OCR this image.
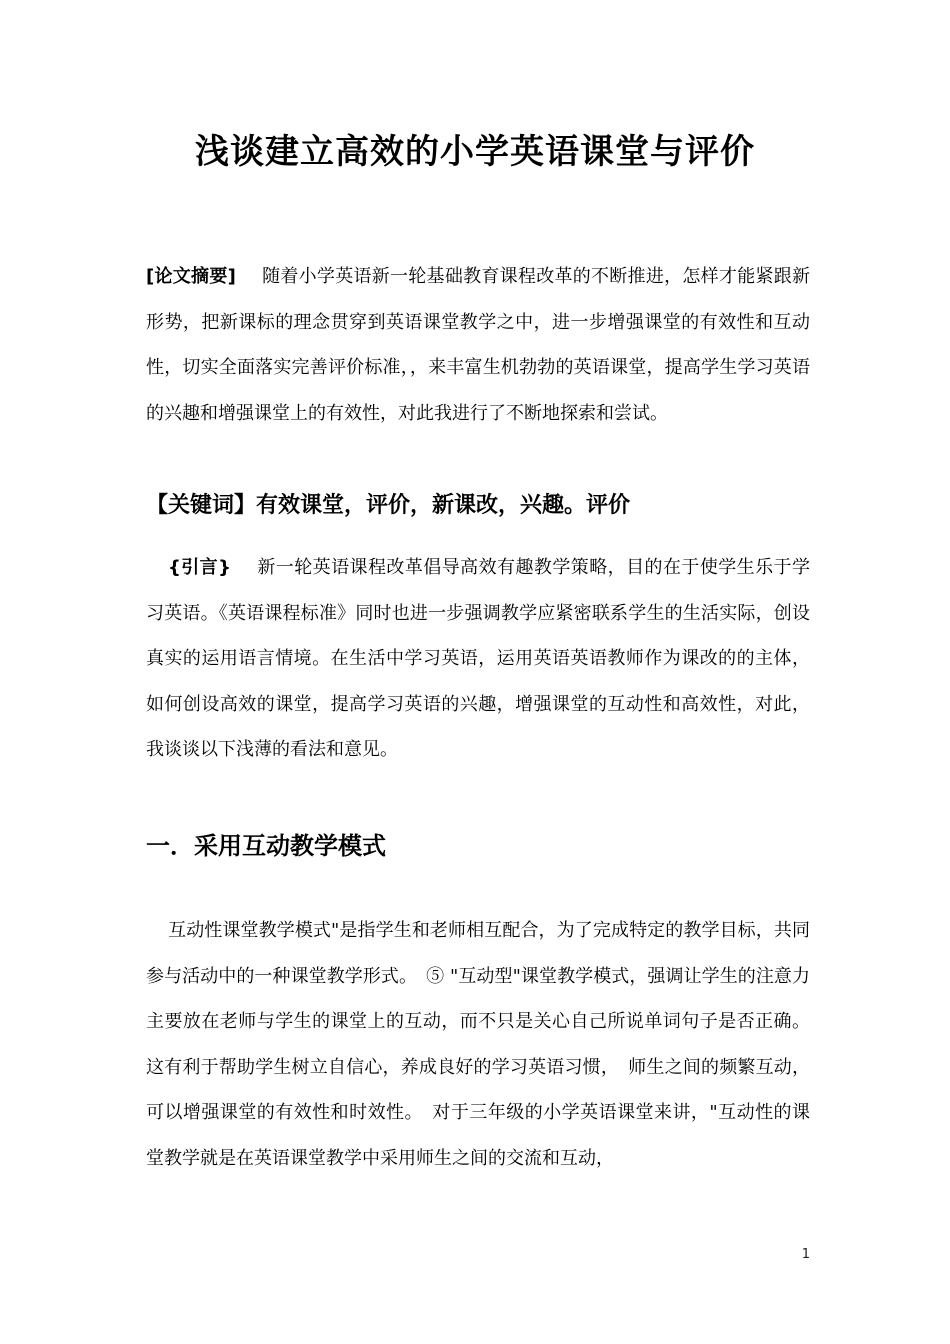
浅谈建立高效的小学英语课堂与评价
[论文摘要] 随着小学英语新一轮基础教育课程改革的不断推进，怎样才能紧跟新形势，把新课标的理念贯穿到英语课堂教学之中，进一步增强课堂的有效性和互动性，切实全面落实完善评价标准，，来丰富生机勃勃的英语课堂，提高学生学习英语的兴趣和增强课堂上的有效性，对此我进行了不断地探索和尝试。
【关键词】有效课堂，评价，新课改，兴趣。评价
{引言} 新一轮英语课程改革倡导高效有趣教学策略，目的在于使学生乐于学习英语。《英语课程标准》同时也进一步强调教学应紧密联系学生的生活实际，创设真实的运用语言情境。在生活中学习英语，运用英语英语教师作为课改的的主体，如何创设高效的课堂，提高学习英语的兴趣，增强课堂的互动性和高效性，对此，我谈谈以下浅薄的看法和意见。
一．采用互动教学模式
互动性课堂教学模式"是指学生和老师相互配合，为了完成特定的教学目标，共同参与活动中的一种课堂教学形式。　⑤ "互动型"课堂教学模式，强调让学生的注意力主要放在老师与学生的课堂上的互动，而不只是关心自己所说单词句子是否正确。这有利于帮助学生树立自信心，养成良好的学习英语习惯，　师生之间的频繁互动，可以增强课堂的有效性和时效性。　对于三年级的小学英语课堂来讲，"互动性的课堂教学就是在英语课堂教学中采用师生之间的交流和互动，
1
